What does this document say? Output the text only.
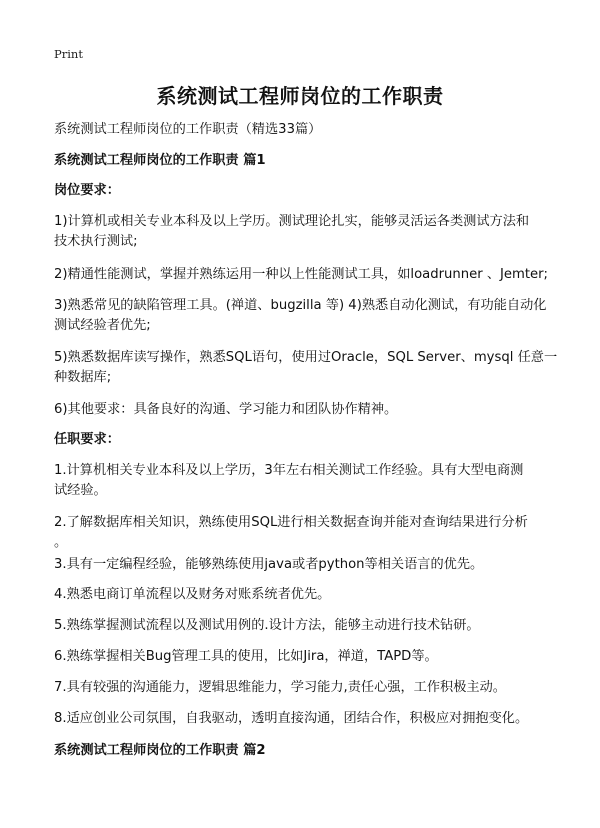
Print
系统测试工程师岗位的工作职责
系统测试工程师岗位的工作职责（精选33篇）
系统测试工程师岗位的工作职责 篇1
岗位要求：
1)计算机或相关专业本科及以上学历。测试理论扎实，能够灵活运各类测试方法和
技术执行测试;
2)精通性能测试，掌握并熟练运用一种以上性能测试工具，如loadrunner 、Jemter;
3)熟悉常见的缺陷管理工具。(禅道、bugzilla 等) 4)熟悉自动化测试，有功能自动化
测试经验者优先;
5)熟悉数据库读写操作，熟悉SQL语句，使用过Oracle，SQL Server、mysql 任意一
种数据库;
6)其他要求：具备良好的沟通、学习能力和团队协作精神。
任职要求：
1.计算机相关专业本科及以上学历，3年左右相关测试工作经验。具有大型电商测
试经验。
2.了解数据库相关知识，熟练使用SQL进行相关数据查询并能对查询结果进行分析
。
3.具有一定编程经验，能够熟练使用java或者python等相关语言的优先。
4.熟悉电商订单流程以及财务对账系统者优先。
5.熟练掌握测试流程以及测试用例的.设计方法，能够主动进行技术钻研。
6.熟练掌握相关Bug管理工具的使用，比如Jira，禅道，TAPD等。
7.具有较强的沟通能力，逻辑思维能力，学习能力,责任心强，工作积极主动。
8.适应创业公司氛围，自我驱动，透明直接沟通，团结合作，积极应对拥抱变化。
系统测试工程师岗位的工作职责 篇2
